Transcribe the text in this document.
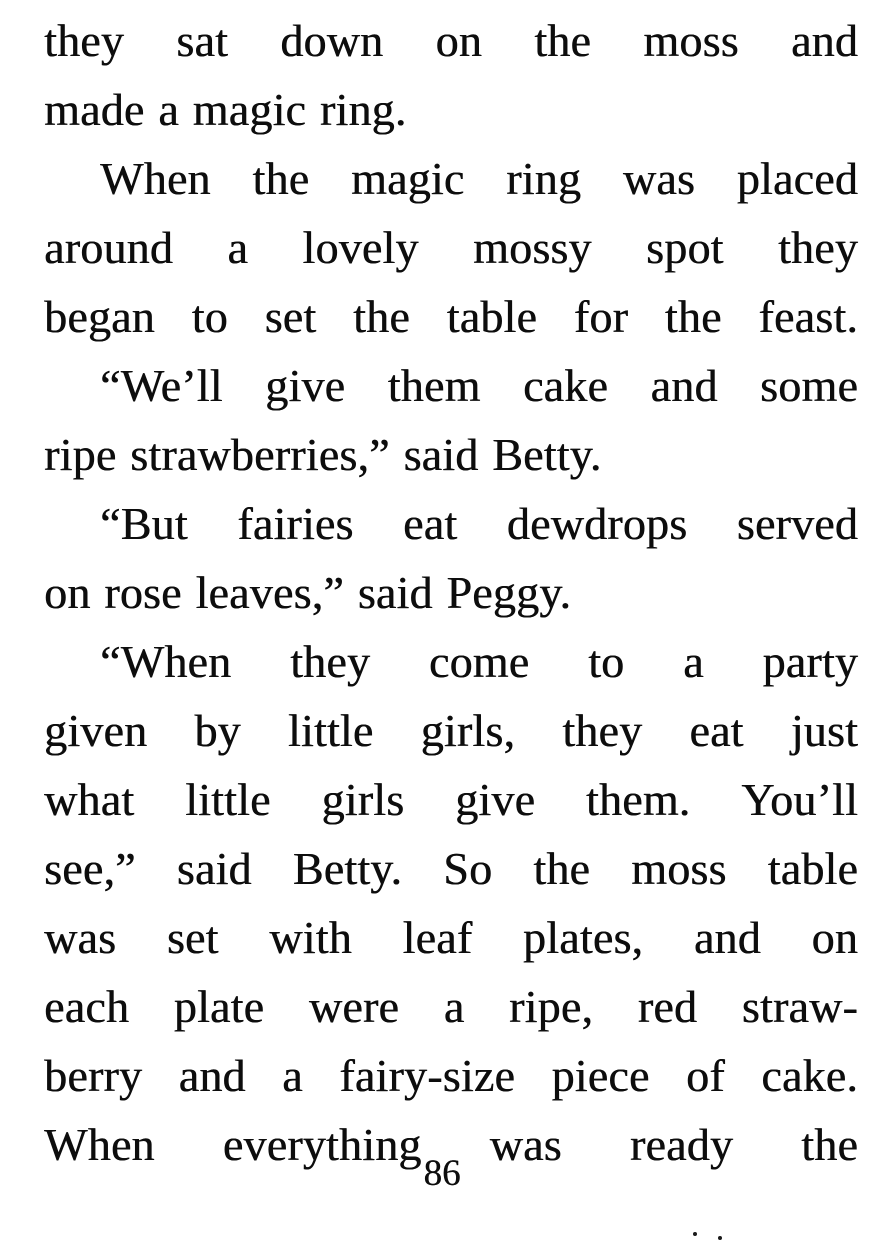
they sat down on the moss and
made a magic ring.
When the magic ring was placed
around a lovely mossy spot they
began to set the table for the feast.
“We’ll give them cake and some
ripe strawberries,” said Betty.
“But fairies eat dewdrops served
on rose leaves,” said Peggy.
“When they come to a party
given by little girls, they eat just
what little girls give them. You’ll
see,” said Betty. So the moss table
was set with leaf plates, and on
each plate were a ripe, red straw-
berry and a fairy-size piece of cake.
When everything was ready the
86
